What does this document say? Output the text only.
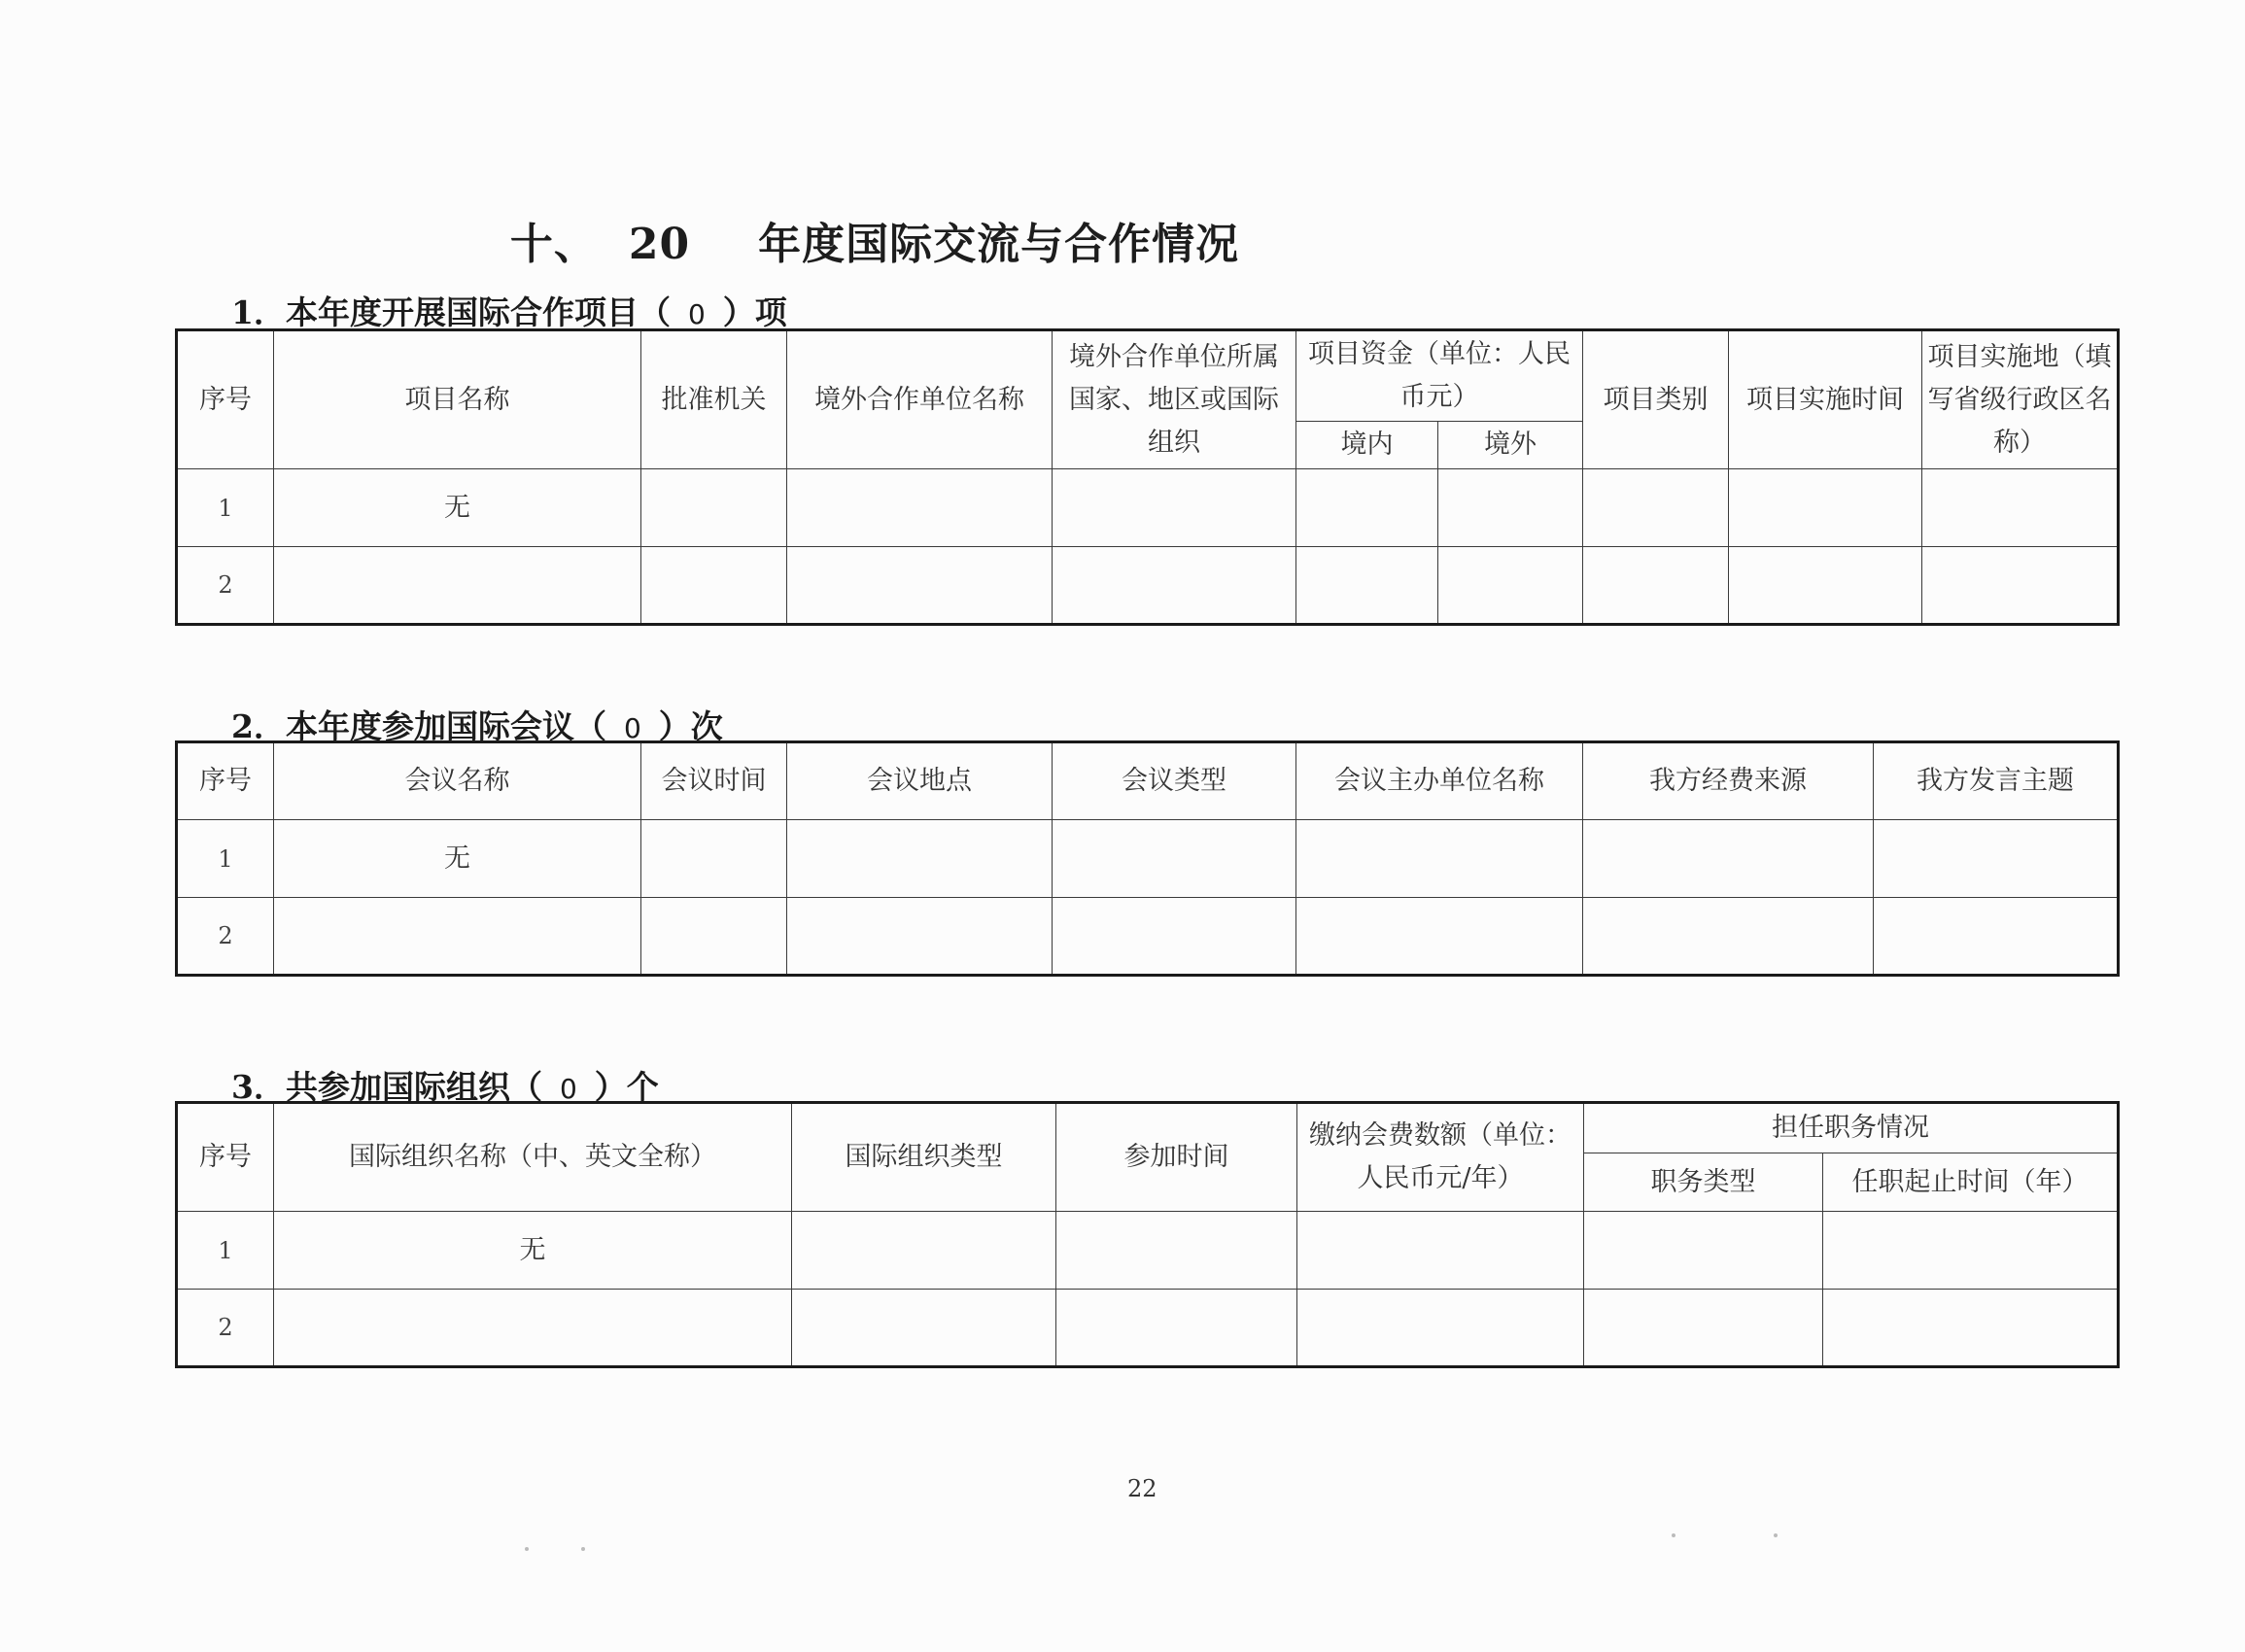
十、 20 年度国际交流与合作情况
1．本年度开展国际合作项目（ 0 ）项
序号	项目名称	批准机关	境外合作单位名称	境外合作单位所属国家、地区或国际组织	项目资金（单位：人民币元）		项目类别	项目实施时间	项目实施地（填写省级行政区名称）
					境内	境外			
1	无								
2									
2．本年度参加国际会议（ 0 ）次
序号	会议名称	会议时间	会议地点	会议类型	会议主办单位名称	我方经费来源	我方发言主题
1	无						
2							
3．共参加国际组织（ 0 ）个
序号	国际组织名称（中、英文全称）	国际组织类型	参加时间	缴纳会费数额（单位：人民币元/年）	担任职务情况	
					职务类型	任职起止时间（年）
1	无					
2						
22
